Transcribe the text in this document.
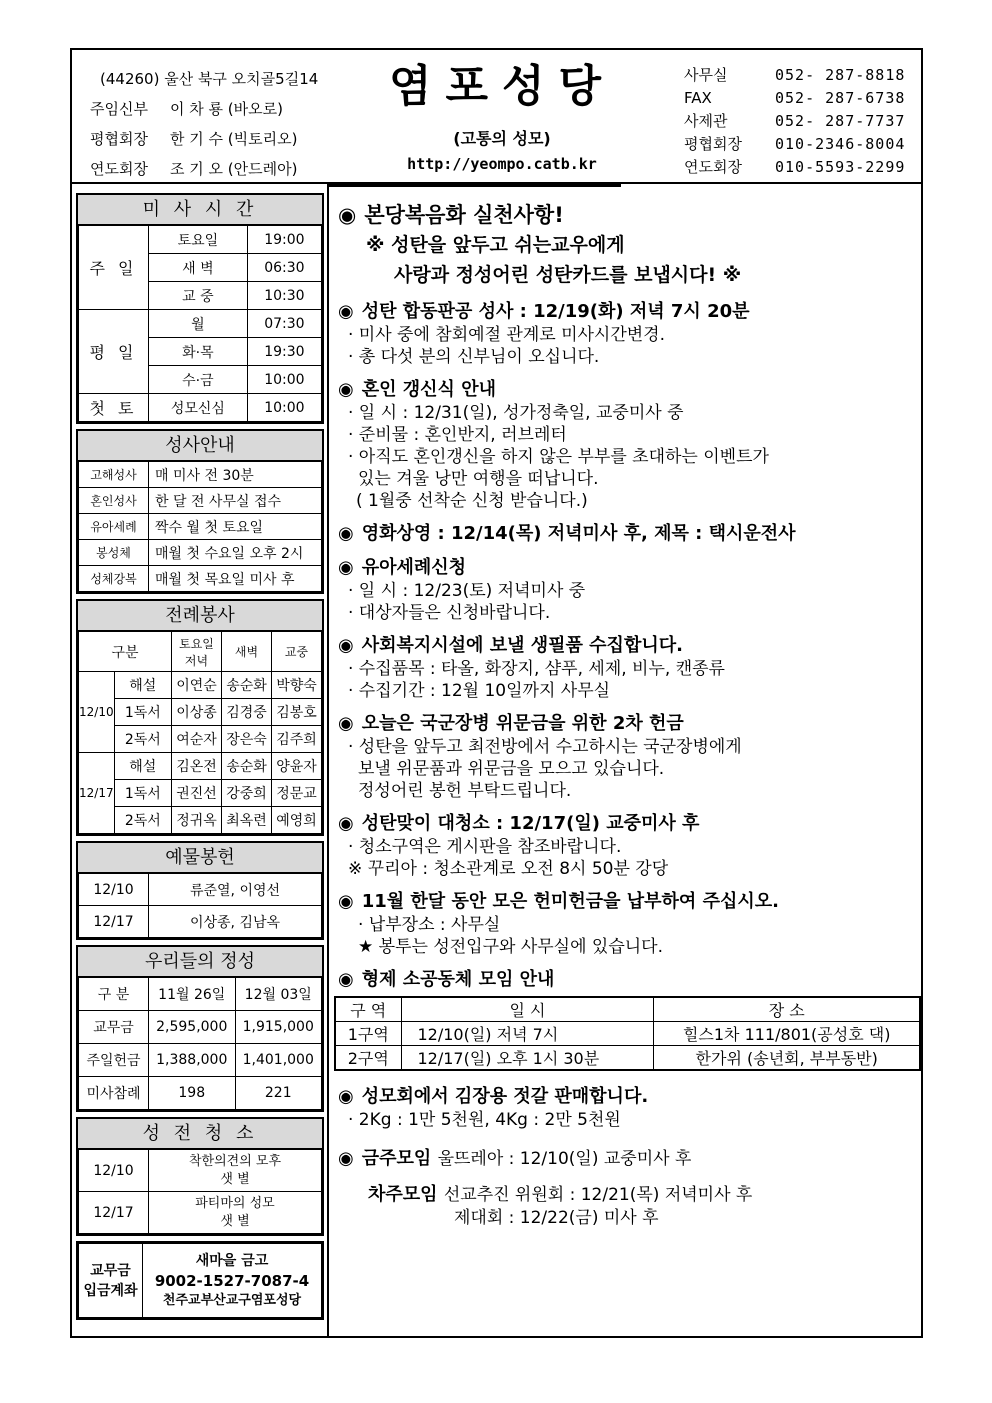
(44260) 울산 북구 오치골5길14
주임신부 이 차 룡 (바오로)
평협회장 한 기 수 (빅토리오)
연도회장 조 기 오 (안드레아)
염포성당
(고통의 성모)
http://yeompo.catb.kr
사무실	052- 287-8818
FAX	052- 287-6738
사제관	052- 287-7737
평협회장 010-2346-8004
연도회장 010-5593-2299
미 사 시 간
주 일	토요일	19:00
	새 벽	06:30
	교 중	10:30
평 일	월	07:30
	화·목	19:30
	수·금	10:00
첫 토	성모신심	10:00
성사안내
고해성사	매 미사 전 30분
혼인성사	한 달 전 사무실 접수
유아세례	짝수 월 첫 토요일
봉성체	매월 첫 수요일 오후 2시
성체강복	매월 첫 목요일 미사 후
전례봉사
구분		토요일 저녁	새벽	교중
12/10	해설	이연순	송순화	박향숙
	1독서	이상종	김경중	김봉호
	2독서	여순자	장은숙	김주희
12/17	해설	김온전	송순화	양윤자
	1독서	권진선	강중희	정문교
	2독서	정귀옥	최옥련	예영희
예물봉헌
12/10	류준열, 이영선
12/17	이상종, 김남옥
우리들의 정성
구 분	11월 26일	12월 03일
교무금	2,595,000	1,915,000
주일헌금	1,388,000	1,401,000
미사참례	198	221
성 전 청 소
12/10	착한의견의 모후
샛 별

12/17	파티마의 성모
샛 별
교무금
입금계좌

새마을 금고
9002-1527-7087-4
천주교부산교구염포성당
◉ 본당복음화 실천사항!
※ 성탄을 앞두고 쉬는교우에게
사랑과 정성어린 성탄카드를 보냅시다! ※
◉ 성탄 합동판공 성사 : 12/19(화) 저녁 7시 20분
· 미사 중에 참회예절 관계로 미사시간변경.
· 총 다섯 분의 신부님이 오십니다.
◉ 혼인 갱신식 안내
· 일 시 : 12/31(일), 성가정축일, 교중미사 중
· 준비물 : 혼인반지, 러브레터
· 아직도 혼인갱신을 하지 않은 부부를 초대하는 이벤트가
있는 겨울 낭만 여행을 떠납니다.
( 1월중 선착순 신청 받습니다.)
◉ 영화상영 : 12/14(목) 저녁미사 후, 제목 : 택시운전사
◉ 유아세례신청
· 일 시 : 12/23(토) 저녁미사 중
· 대상자들은 신청바랍니다.
◉ 사회복지시설에 보낼 생필품 수집합니다.
· 수집품목 : 타올, 화장지, 샴푸, 세제, 비누, 캔종류
· 수집기간 : 12월 10일까지 사무실
◉ 오늘은 국군장병 위문금을 위한 2차 헌금
· 성탄을 앞두고 최전방에서 수고하시는 국군장병에게
보낼 위문품과 위문금을 모으고 있습니다.
정성어린 봉헌 부탁드립니다.
◉ 성탄맞이 대청소 : 12/17(일) 교중미사 후
· 청소구역은 게시판을 참조바랍니다.
※ 꾸리아 : 청소관계로 오전 8시 50분 강당
◉ 11월 한달 동안 모은 헌미헌금을 납부하여 주십시오.
· 납부장소 : 사무실
★ 봉투는 성전입구와 사무실에 있습니다.
◉ 형제 소공동체 모임 안내
구 역	일 시	장 소
1구역	12/10(일) 저녁 7시	힐스1차 111/801(공성호 댁)
2구역	12/17(일) 오후 1시 30분	한가위 (송년회, 부부동반)
◉ 성모회에서 김장용 젓갈 판매합니다.
· 2Kg : 1만 5천원, 4Kg : 2만 5천원
◉ 금주모임 울뜨레아 : 12/10(일) 교중미사 후
차주모임 선교추진 위원회 : 12/21(목) 저녁미사 후
제대회 : 12/22(금) 미사 후
